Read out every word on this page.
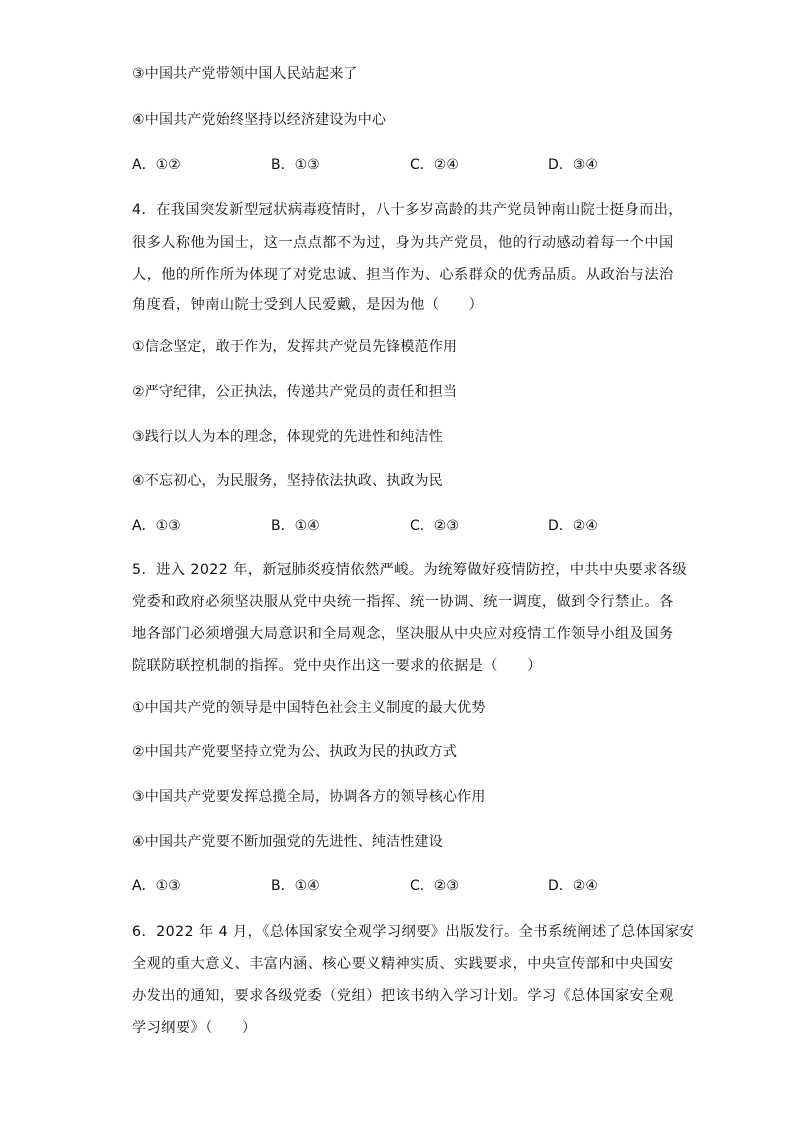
③中国共产党带领中国人民站起来了
④中国共产党始终坚持以经济建设为中心
A．①②	B．①③	C．②④	D．③④
4．在我国突发新型冠状病毒疫情时，八十多岁高龄的共产党员钟南山院士挺身而出，
很多人称他为国士，这一点点都不为过，身为共产党员，他的行动感动着每一个中国
人，他的所作所为体现了对党忠诚、担当作为、心系群众的优秀品质。从政治与法治
角度看，钟南山院士受到人民爱戴，是因为他（　　）
①信念坚定，敢于作为，发挥共产党员先锋模范作用
②严守纪律，公正执法，传递共产党员的责任和担当
③践行以人为本的理念，体现党的先进性和纯洁性
④不忘初心，为民服务，坚持依法执政、执政为民
A．①③	B．①④	C．②③	D．②④
5．进入 2022 年，新冠肺炎疫情依然严峻。为统筹做好疫情防控，中共中央要求各级
党委和政府必须坚决服从党中央统一指挥、统一协调、统一调度，做到令行禁止。各
地各部门必须增强大局意识和全局观念，坚决服从中央应对疫情工作领导小组及国务
院联防联控机制的指挥。党中央作出这一要求的依据是（　　）
①中国共产党的领导是中国特色社会主义制度的最大优势
②中国共产党要坚持立党为公、执政为民的执政方式
③中国共产党要发挥总揽全局，协调各方的领导核心作用
④中国共产党要不断加强党的先进性、纯洁性建设
A．①③	B．①④	C．②③	D．②④
6．2022 年 4 月，《总体国家安全观学习纲要》出版发行。全书系统阐述了总体国家安
全观的重大意义、丰富内涵、核心要义精神实质、实践要求，中央宣传部和中央国安
办发出的通知，要求各级党委（党组）把该书纳入学习计划。学习《总体国家安全观
学习纲要》（　　）
